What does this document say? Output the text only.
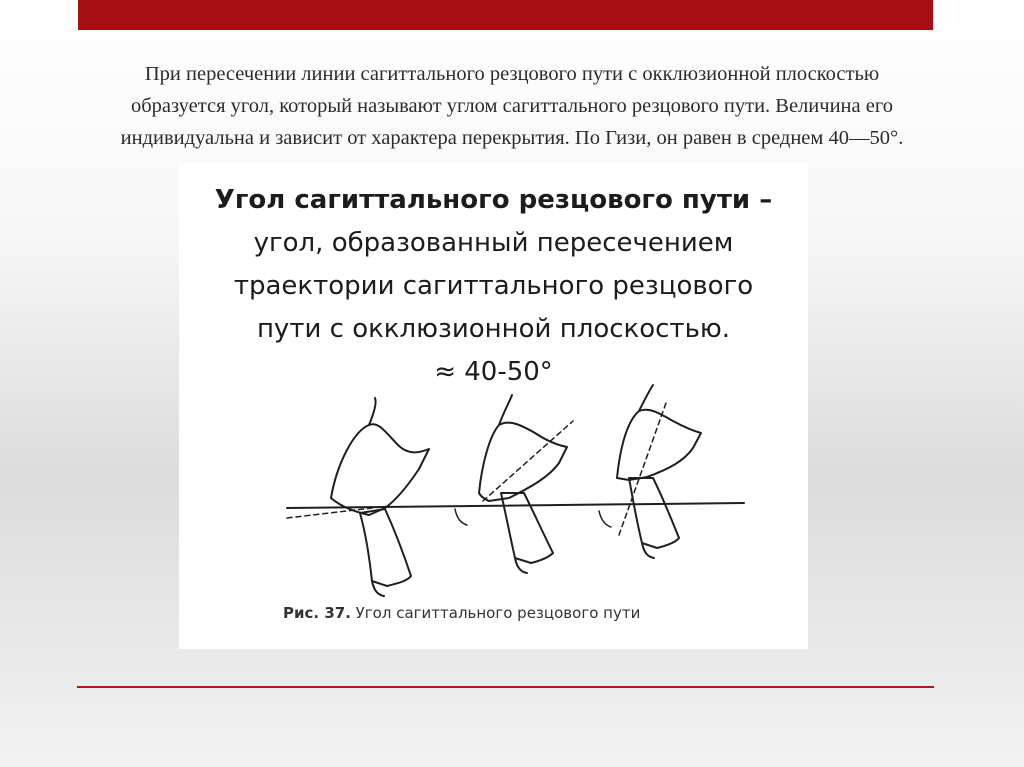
При пересечении линии сагиттального резцового пути с окклюзионной плоскостью
образуется угол, который называют углом сагиттального резцового пути. Величина его
индивидуальна и зависит от характера перекрытия. По Гизи, он равен в среднем 40—50°.

Угол сагиттального резцового пути –
угол, образованный пересечением
траектории сагиттального резцового
пути с окклюзионной плоскостью.
≈ 40-50°

Рис. 37. Угол сагиттального резцового пути
